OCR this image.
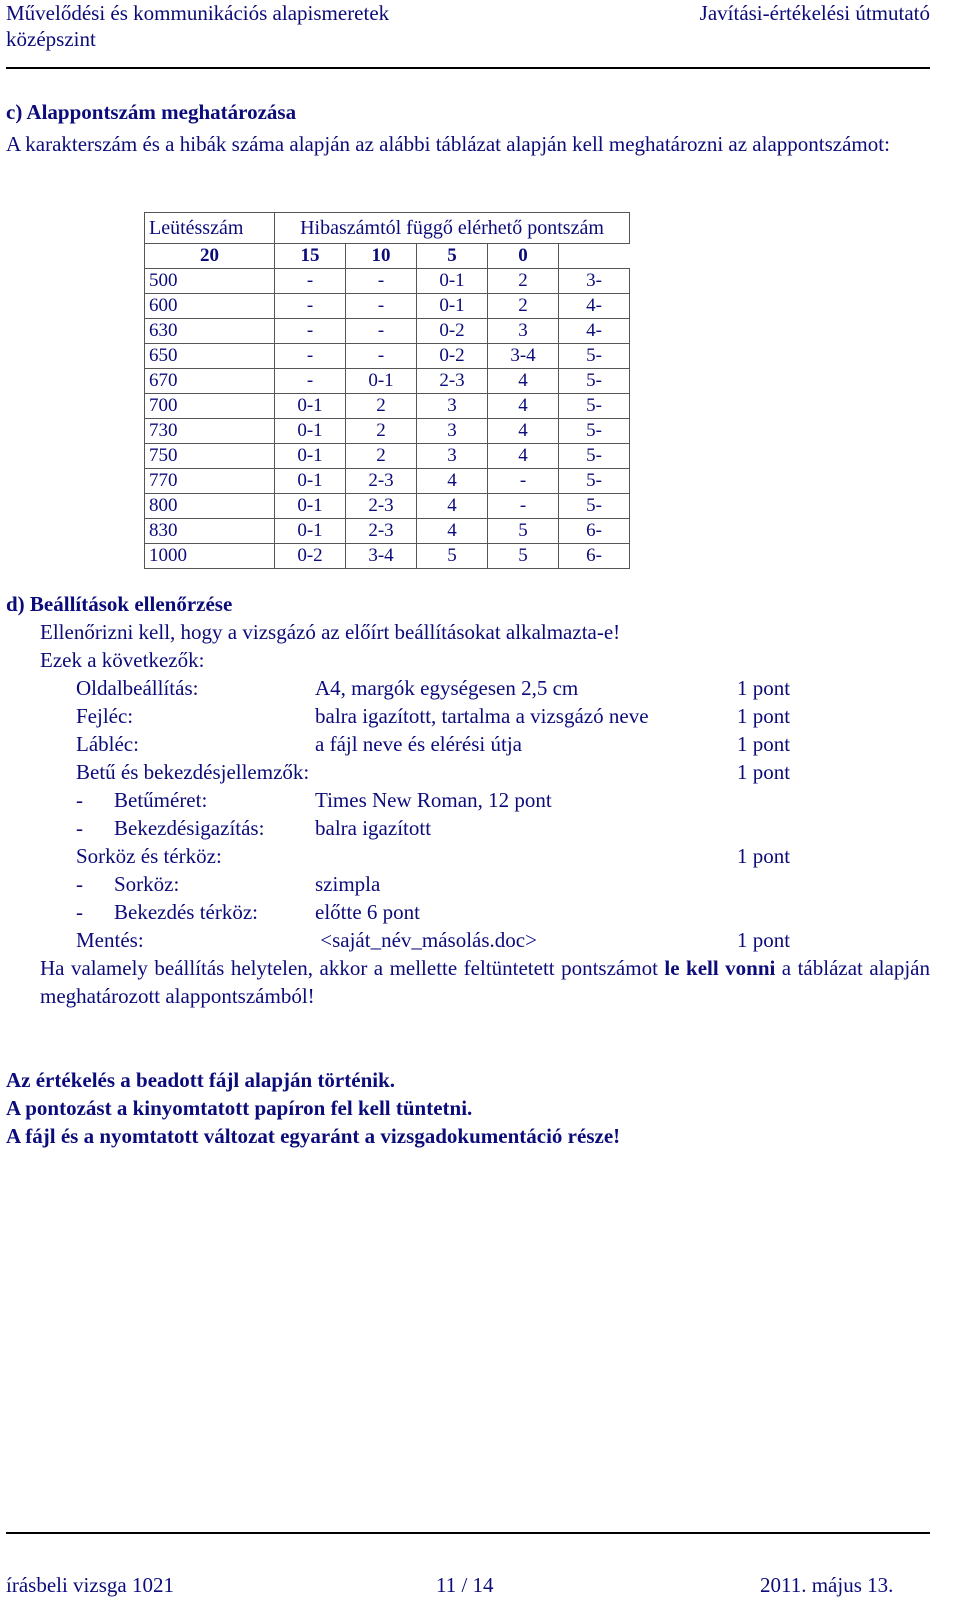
Művelődési és kommunikációs alapismeretek
középszint
Javítási-értékelési útmutató
c) Alappontszám meghatározása
A karakterszám és a hibák száma alapján az alábbi táblázat alapján kell meghatározni az alappontszámot:
Leütésszám	Hibaszámtól függő elérhető pontszám				
20	15	10	5	0	
500	-	-	0-1	2	3-
600	-	-	0-1	2	4-
630	-	-	0-2	3	4-
650	-	-	0-2	3-4	5-
670	-	0-1	2-3	4	5-
700	0-1	2	3	4	5-
730	0-1	2	3	4	5-
750	0-1	2	3	4	5-
770	0-1	2-3	4	-	5-
800	0-1	2-3	4	-	5-
830	0-1	2-3	4	5	6-
1000	0-2	3-4	5	5	6-
d) Beállítások ellenőrzése
Ellenőrizni kell, hogy a vizsgázó az előírt beállításokat alkalmazta-e!
Ezek a következők:
Oldalbeállítás:	A4, margók egységesen 2,5 cm	1 pont
Fejléc:	balra igazított, tartalma a vizsgázó neve	1 pont
Lábléc:	a fájl neve és elérési útja	1 pont
Betű és bekezdésjellemzők:	1 pont
- Betűméret:	Times New Roman, 12 pont
- Bekezdésigazítás: balra igazított
Sorköz és térköz:	1 pont
- Sorköz:	szimpla
- Bekezdés térköz:	előtte 6 pont
Mentés:	<saját_név_másolás.doc>	1 pont
Ha valamely beállítás helytelen, akkor a mellette feltüntetett pontszámot le kell vonni a táblázat alapján meghatározott alappontszámból!
Az értékelés a beadott fájl alapján történik.
A pontozást a kinyomtatott papíron fel kell tüntetni.
A fájl és a nyomtatott változat egyaránt a vizsgadokumentáció része!
írásbeli vizsga 1021	11 / 14	2011. május 13.
